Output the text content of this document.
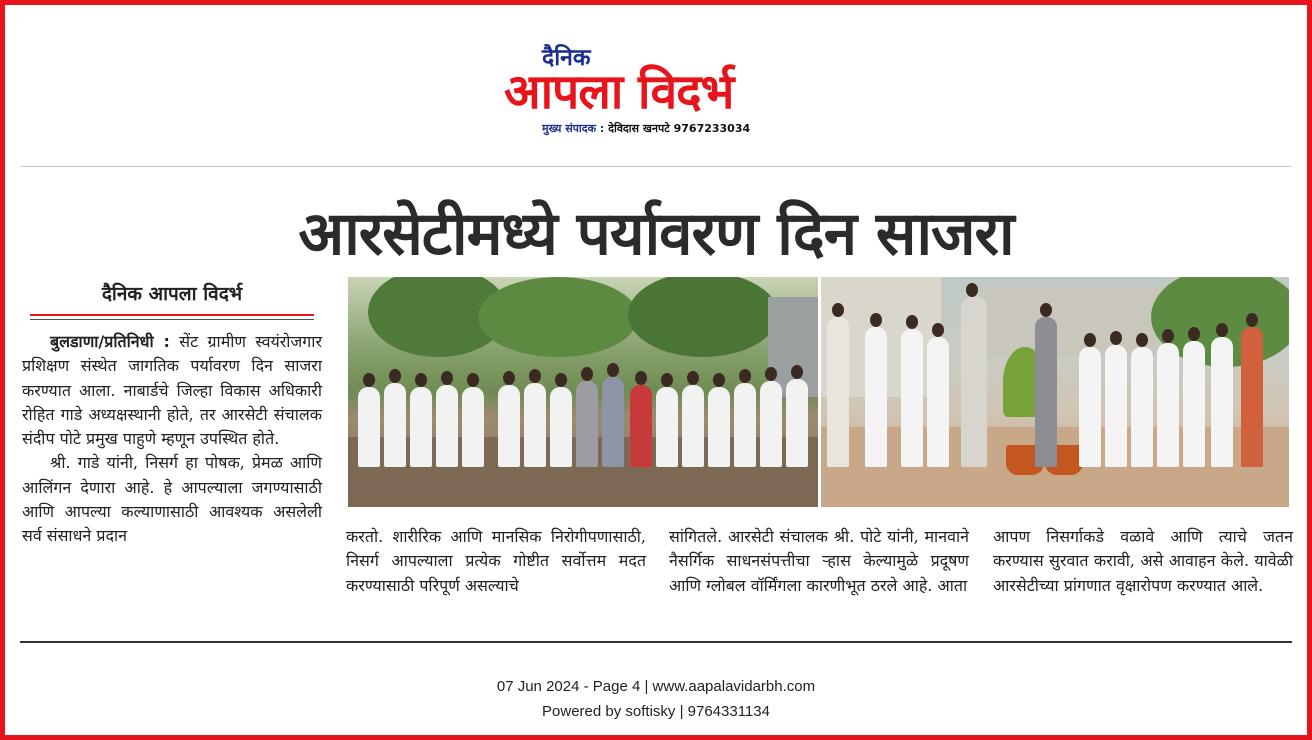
दैनिक
आपला विदर्भ
मुख्य संपादक : देविदास खनपटे 9767233034
आरसेटीमध्ये पर्यावरण दिन साजरा
दैनिक आपला विदर्भ

बुलडाणा/प्रतिनिधी : सेंट ग्रामीण स्वयंरोजगार प्रशिक्षण संस्थेत जागतिक पर्यावरण दिन साजरा करण्यात आला. नाबार्डचे जिल्हा विकास अधिकारी रोहित गाडे अध्यक्षस्थानी होते, तर आरसेटी संचालक संदीप पोटे प्रमुख पाहुणे म्हणून उपस्थित होते.

श्री. गाडे यांनी, निसर्ग हा पोषक, प्रेमळ आणि आलिंगन देणारा आहे. हे आपल्याला जगण्यासाठी आणि आपल्या कल्याणासाठी आवश्यक असलेली सर्व संसाधने प्रदान	करतो. शारीरिक आणि मानसिक निरोगीपणासाठी, निसर्ग आपल्याला प्रत्येक गोष्टीत सर्वोत्तम मदत करण्यासाठी परिपूर्ण असल्याचे

सांगितले. आरसेटी संचालक श्री. पोटे यांनी, मानवाने नैसर्गिक साधनसंपत्तीचा ऱ्हास केल्यामुळे प्रदूषण आणि ग्लोबल वॉर्मिंगला कारणीभूत ठरले आहे. आता

आपण निसर्गाकडे वळावे आणि त्याचे जतन करण्यास सुरवात करावी, असे आवाहन केले. यावेळी आरसेटीच्या प्रांगणात वृक्षारोपण करण्यात आले.

07 Jun 2024 - Page 4 | www.aapalavidarbh.com
Powered by softisky | 9764331134
